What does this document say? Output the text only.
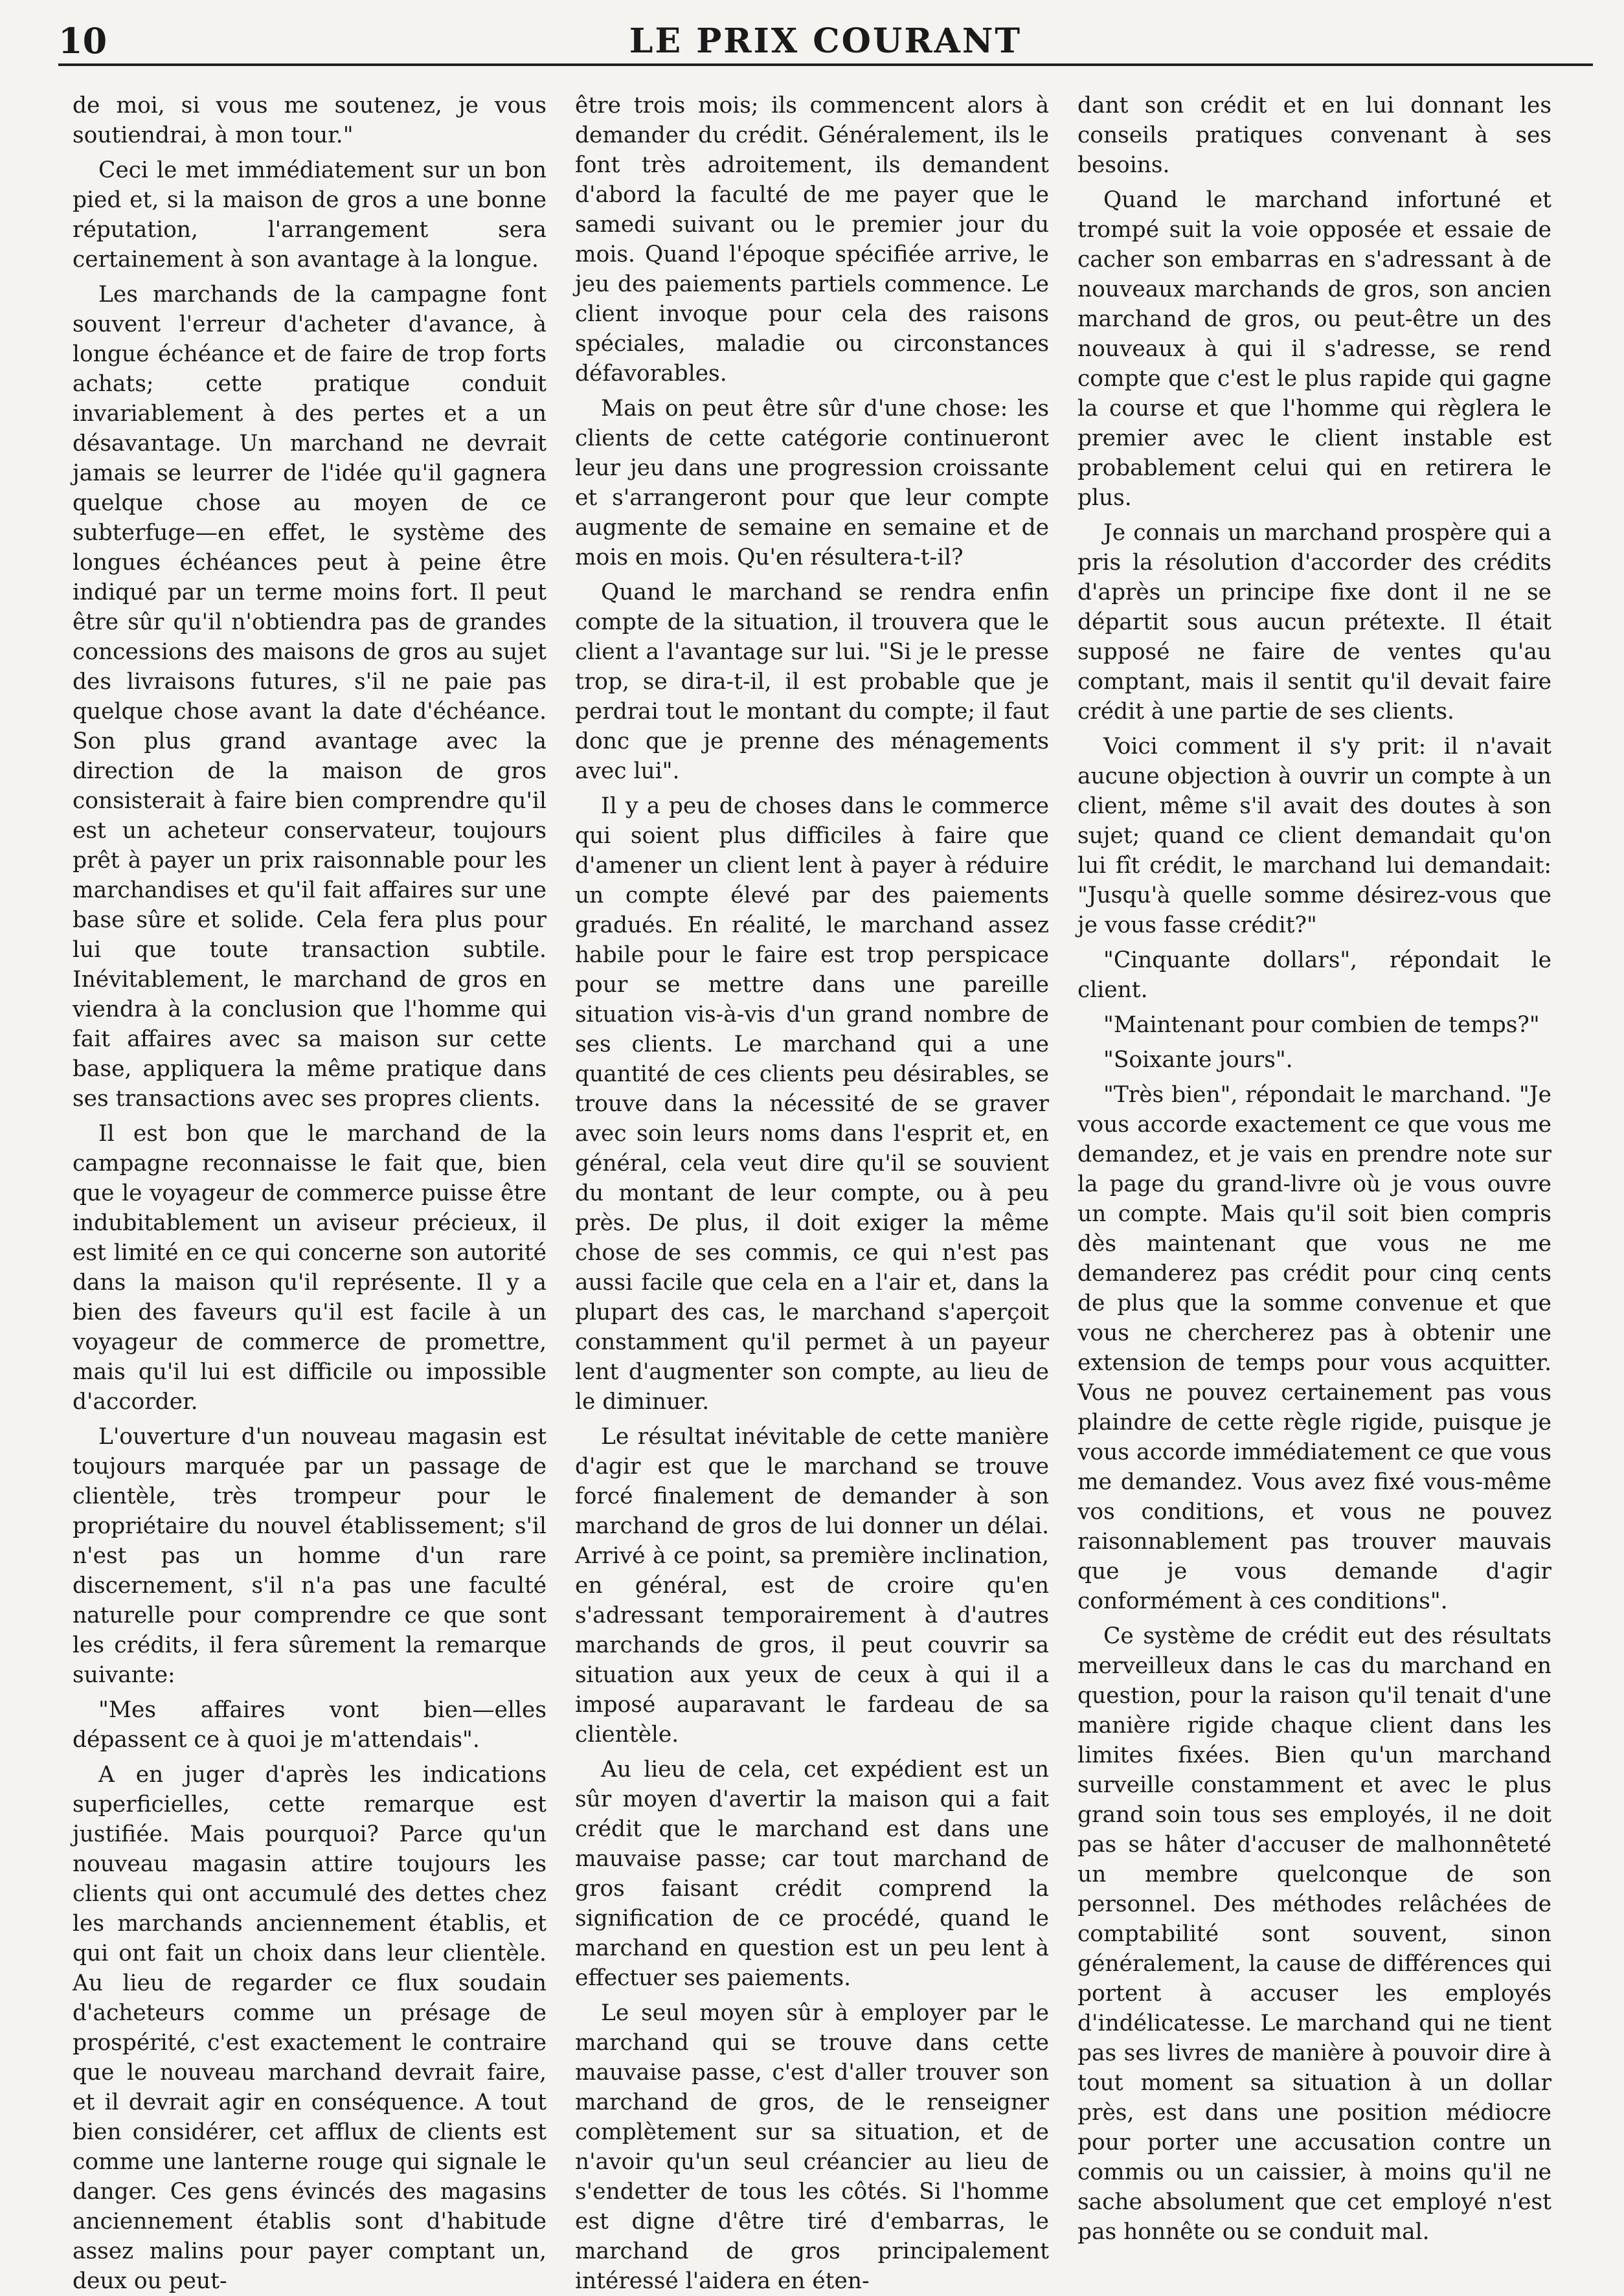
10	LE PRIX COURANT

de moi, si vous me soutenez, je vous soutiendrai, à mon tour."

Ceci le met immédiatement sur un bon pied et, si la maison de gros a une bonne réputation, l'arrangement sera certainement à son avantage à la longue.

Les marchands de la campagne font souvent l'erreur d'acheter d'avance, à longue échéance et de faire de trop forts achats; cette pratique conduit invariablement à des pertes et a un désavantage. Un marchand ne devrait jamais se leurrer de l'idée qu'il gagnera quelque chose au moyen de ce subterfuge—en effet, le système des longues échéances peut à peine être indiqué par un terme moins fort. Il peut être sûr qu'il n'obtiendra pas de grandes concessions des maisons de gros au sujet des livraisons futures, s'il ne paie pas quelque chose avant la date d'échéance. Son plus grand avantage avec la direction de la maison de gros consisterait à faire bien comprendre qu'il est un acheteur conservateur, toujours prêt à payer un prix raisonnable pour les marchandises et qu'il fait affaires sur une base sûre et solide. Cela fera plus pour lui que toute transaction subtile. Inévitablement, le marchand de gros en viendra à la conclusion que l'homme qui fait affaires avec sa maison sur cette base, appliquera la même pratique dans ses transactions avec ses propres clients.

Il est bon que le marchand de la campagne reconnaisse le fait que, bien que le voyageur de commerce puisse être indubitablement un aviseur précieux, il est limité en ce qui concerne son autorité dans la maison qu'il représente. Il y a bien des faveurs qu'il est facile à un voyageur de commerce de promettre, mais qu'il lui est difficile ou impossible d'accorder.

L'ouverture d'un nouveau magasin est toujours marquée par un passage de clientèle, très trompeur pour le propriétaire du nouvel établissement; s'il n'est pas un homme d'un rare discernement, s'il n'a pas une faculté naturelle pour comprendre ce que sont les crédits, il fera sûrement la remarque suivante:

"Mes affaires vont bien—elles dépassent ce à quoi je m'attendais".

A en juger d'après les indications superficielles, cette remarque est justifiée. Mais pourquoi? Parce qu'un nouveau magasin attire toujours les clients qui ont accumulé des dettes chez les marchands anciennement établis, et qui ont fait un choix dans leur clientèle. Au lieu de regarder ce flux soudain d'acheteurs comme un présage de prospérité, c'est exactement le contraire que le nouveau marchand devrait faire, et il devrait agir en conséquence. A tout bien considérer, cet afflux de clients est comme une lanterne rouge qui signale le danger. Ces gens évincés des magasins anciennement établis sont d'habitude assez malins pour payer comptant un, deux ou peut-

être trois mois; ils commencent alors à demander du crédit. Généralement, ils le font très adroitement, ils demandent d'abord la faculté de me payer que le samedi suivant ou le premier jour du mois. Quand l'époque spécifiée arrive, le jeu des paiements partiels commence. Le client invoque pour cela des raisons spéciales, maladie ou circonstances défavorables.

Mais on peut être sûr d'une chose: les clients de cette catégorie continueront leur jeu dans une progression croissante et s'arrangeront pour que leur compte augmente de semaine en semaine et de mois en mois. Qu'en résultera-t-il?

Quand le marchand se rendra enfin compte de la situation, il trouvera que le client a l'avantage sur lui. "Si je le presse trop, se dira-t-il, il est probable que je perdrai tout le montant du compte; il faut donc que je prenne des ménagements avec lui".

Il y a peu de choses dans le commerce qui soient plus difficiles à faire que d'amener un client lent à payer à réduire un compte élevé par des paiements gradués. En réalité, le marchand assez habile pour le faire est trop perspicace pour se mettre dans une pareille situation vis-à-vis d'un grand nombre de ses clients. Le marchand qui a une quantité de ces clients peu désirables, se trouve dans la nécessité de se graver avec soin leurs noms dans l'esprit et, en général, cela veut dire qu'il se souvient du montant de leur compte, ou à peu près. De plus, il doit exiger la même chose de ses commis, ce qui n'est pas aussi facile que cela en a l'air et, dans la plupart des cas, le marchand s'aperçoit constamment qu'il permet à un payeur lent d'augmenter son compte, au lieu de le diminuer.

Le résultat inévitable de cette manière d'agir est que le marchand se trouve forcé finalement de demander à son marchand de gros de lui donner un délai. Arrivé à ce point, sa première inclination, en général, est de croire qu'en s'adressant temporairement à d'autres marchands de gros, il peut couvrir sa situation aux yeux de ceux à qui il a imposé auparavant le fardeau de sa clientèle.

Au lieu de cela, cet expédient est un sûr moyen d'avertir la maison qui a fait crédit que le marchand est dans une mauvaise passe; car tout marchand de gros faisant crédit comprend la signification de ce procédé, quand le marchand en question est un peu lent à effectuer ses paiements.

Le seul moyen sûr à employer par le marchand qui se trouve dans cette mauvaise passe, c'est d'aller trouver son marchand de gros, de le renseigner complètement sur sa situation, et de n'avoir qu'un seul créancier au lieu de s'endetter de tous les côtés. Si l'homme est digne d'être tiré d'embarras, le marchand de gros principalement intéressé l'aidera en éten-

dant son crédit et en lui donnant les conseils pratiques convenant à ses besoins.

Quand le marchand infortuné et trompé suit la voie opposée et essaie de cacher son embarras en s'adressant à de nouveaux marchands de gros, son ancien marchand de gros, ou peut-être un des nouveaux à qui il s'adresse, se rend compte que c'est le plus rapide qui gagne la course et que l'homme qui règlera le premier avec le client instable est probablement celui qui en retirera le plus.

Je connais un marchand prospère qui a pris la résolution d'accorder des crédits d'après un principe fixe dont il ne se départit sous aucun prétexte. Il était supposé ne faire de ventes qu'au comptant, mais il sentit qu'il devait faire crédit à une partie de ses clients.

Voici comment il s'y prit: il n'avait aucune objection à ouvrir un compte à un client, même s'il avait des doutes à son sujet; quand ce client demandait qu'on lui fît crédit, le marchand lui demandait: "Jusqu'à quelle somme désirez-vous que je vous fasse crédit?"

"Cinquante dollars", répondait le client.

"Maintenant pour combien de temps?"

"Soixante jours".

"Très bien", répondait le marchand. "Je vous accorde exactement ce que vous me demandez, et je vais en prendre note sur la page du grand-livre où je vous ouvre un compte. Mais qu'il soit bien compris dès maintenant que vous ne me demanderez pas crédit pour cinq cents de plus que la somme convenue et que vous ne chercherez pas à obtenir une extension de temps pour vous acquitter. Vous ne pouvez certainement pas vous plaindre de cette règle rigide, puisque je vous accorde immédiatement ce que vous me demandez. Vous avez fixé vous-même vos conditions, et vous ne pouvez raisonnablement pas trouver mauvais que je vous demande d'agir conformément à ces conditions".

Ce système de crédit eut des résultats merveilleux dans le cas du marchand en question, pour la raison qu'il tenait d'une manière rigide chaque client dans les limites fixées. Bien qu'un marchand surveille constamment et avec le plus grand soin tous ses employés, il ne doit pas se hâter d'accuser de malhonnêteté un membre quelconque de son personnel. Des méthodes relâchées de comptabilité sont souvent, sinon généralement, la cause de différences qui portent à accuser les employés d'indélicatesse. Le marchand qui ne tient pas ses livres de manière à pouvoir dire à tout moment sa situation à un dollar près, est dans une position médiocre pour porter une accusation contre un commis ou un caissier, à moins qu'il ne sache absolument que cet employé n'est pas honnête ou se conduit mal.
